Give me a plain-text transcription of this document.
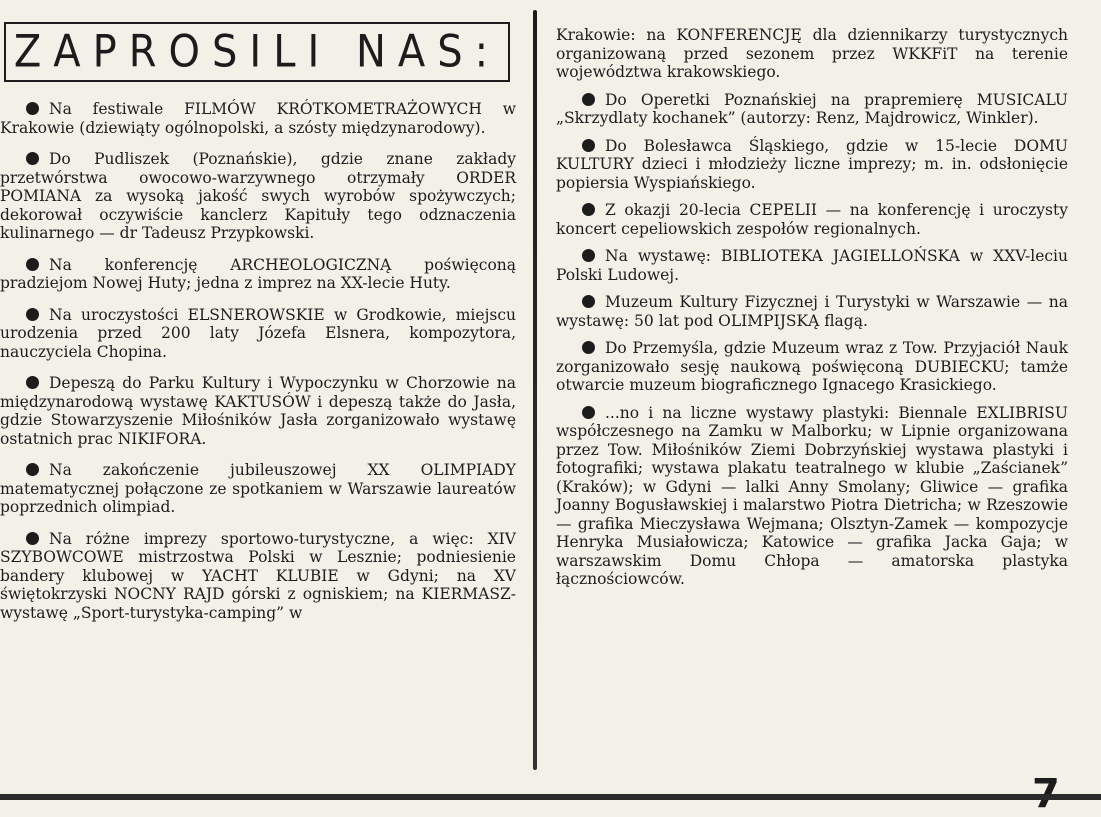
ZAPROSILI NAS:

Na festiwale FILMÓW KRÓTKOMETRAŻOWYCH w Krakowie (dziewiąty ogólnopolski, a szósty międzynarodowy).

Do Pudliszek (Poznańskie), gdzie znane zakłady przetwórstwa owocowo-warzywnego otrzymały ORDER POMIANA za wysoką jakość swych wyrobów spożywczych; dekorował oczywiście kanclerz Kapituły tego odznaczenia kulinarnego — dr Tadeusz Przypkowski.

Na konferencję ARCHEOLOGICZNĄ poświęconą pradziejom Nowej Huty; jedna z imprez na XX-lecie Huty.

Na uroczystości ELSNEROWSKIE w Grodkowie, miejscu urodzenia przed 200 laty Józefa Elsnera, kompozytora, nauczyciela Chopina.

Depeszą do Parku Kultury i Wypoczynku w Chorzowie na międzynarodową wystawę KAKTUSÓW i depeszą także do Jasła, gdzie Stowarzyszenie Miłośników Jasła zorganizowało wystawę ostatnich prac NIKIFORA.

Na zakończenie jubileuszowej XX OLIMPIADY matematycznej połączone ze spotkaniem w Warszawie laureatów poprzednich olimpiad.

Na różne imprezy sportowo-turystyczne, a więc: XIV SZYBOWCOWE mistrzostwa Polski w Lesznie; podniesienie bandery klubowej w YACHT KLUBIE w Gdyni; na XV świętokrzyski NOCNY RAJD górski z ogniskiem; na KIERMASZ-wystawę „Sport-turystyka-camping” w

Krakowie: na KONFERENCJĘ dla dziennikarzy turystycznych organizowaną przed sezonem przez WKKFiT na terenie województwa krakowskiego.

Do Operetki Poznańskiej na prapremierę MUSICALU „Skrzydlaty kochanek” (autorzy: Renz, Majdrowicz, Winkler).

Do Bolesławca Śląskiego, gdzie w 15-lecie DOMU KULTURY dzieci i młodzieży liczne imprezy; m. in. odsłonięcie popiersia Wyspiańskiego.

Z okazji 20-lecia CEPELII — na konferencję i uroczysty koncert cepeliowskich zespołów regionalnych.

Na wystawę: BIBLIOTEKA JAGIELLOŃSKA w XXV-leciu Polski Ludowej.

Muzeum Kultury Fizycznej i Turystyki w Warszawie — na wystawę: 50 lat pod OLIMPIJSKĄ flagą.

Do Przemyśla, gdzie Muzeum wraz z Tow. Przyjaciół Nauk zorganizowało sesję naukową poświęconą DUBIECKU; tamże otwarcie muzeum biograficznego Ignacego Krasickiego.

...no i na liczne wystawy plastyki: Biennale EXLIBRISU współczesnego na Zamku w Malborku; w Lipnie organizowana przez Tow. Miłośników Ziemi Dobrzyńskiej wystawa plastyki i fotografiki; wystawa plakatu teatralnego w klubie „Zaścianek” (Kraków); w Gdyni — lalki Anny Smolany; Gliwice — grafika Joanny Bogusławskiej i malarstwo Piotra Dietricha; w Rzeszowie — grafika Mieczysława Wejmana; Olsztyn-Zamek — kompozycje Henryka Musiałowicza; Katowice — grafika Jacka Gaja; w warszawskim Domu Chłopa — amatorska plastyka łącznościowców.
